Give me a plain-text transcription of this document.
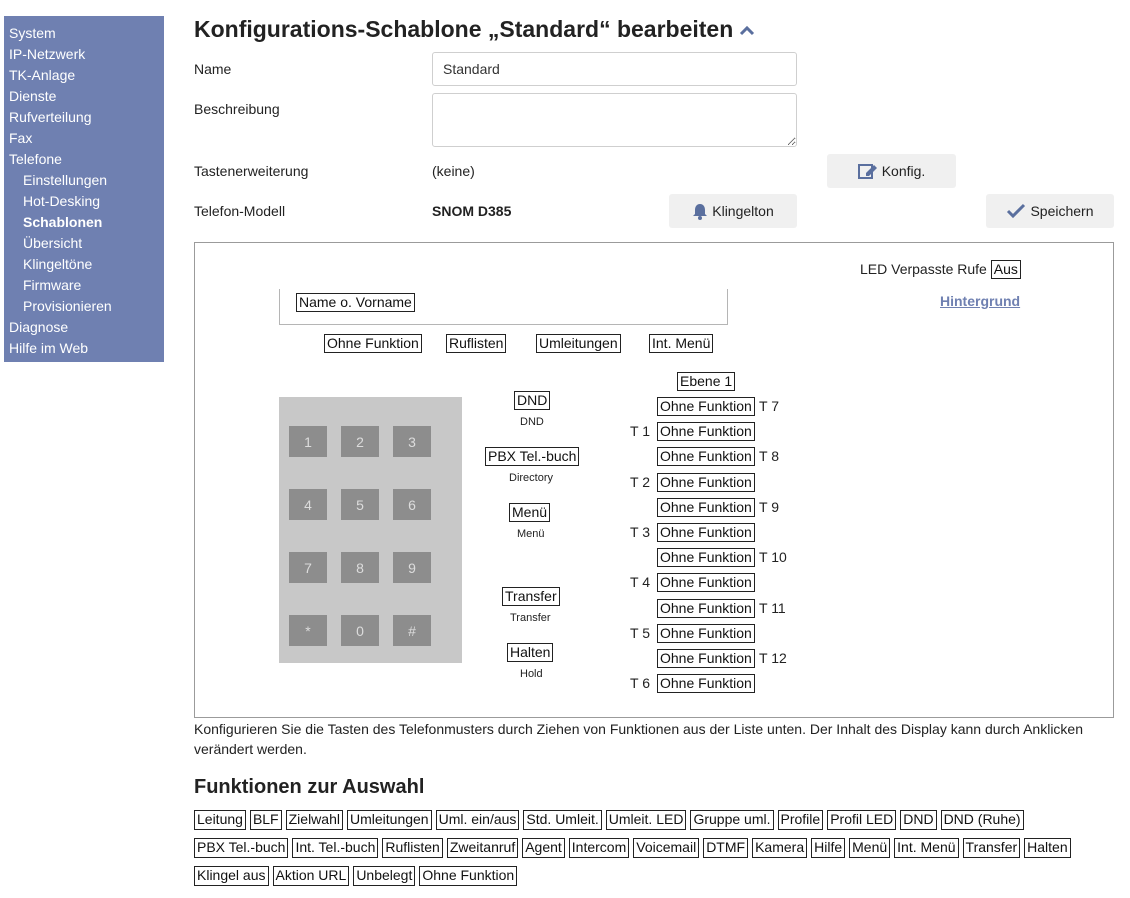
System
IP-Netzwerk
TK-Anlage
Dienste
Rufverteilung
Fax
Telefone
Einstellungen
Hot-Desking
Schablonen
Übersicht
Klingeltöne
Firmware
Provisionieren
Diagnose
Hilfe im Web
Konfigurations-Schablone „Standard“ bearbeiten
Name
Standard
Beschreibung
Tastenerweiterung	(keine)	Konfig.
Telefon-Modell	SNOM D385	Klingelton	Speichern
LED Verpasste Rufe Aus
Hintergrund
Name o. Vorname
Ohne Funktion Ruflisten	Umleitungen Int. Menü
1	2	3
4	5	6
7	8	9
*	0	#
DND
DND
PBX Tel.-buch
Directory
Menü
Menü
Transfer
Transfer
Halten
Hold
Ebene 1
Ohne Funktion T 7
T 1 Ohne Funktion
Ohne Funktion T 8
T 2 Ohne Funktion
Ohne Funktion T 9
T 3 Ohne Funktion
Ohne Funktion T 10
T 4 Ohne Funktion
Ohne Funktion T 11
T 5 Ohne Funktion
Ohne Funktion T 12
T 6 Ohne Funktion

Konfigurieren Sie die Tasten des Telefonmusters durch Ziehen von Funktionen aus der Liste unten. Der Inhalt des Display kann durch Anklicken verändert werden.

Funktionen zur Auswahl
Leitung BLF Zielwahl Umleitungen Uml. ein/aus Std. Umleit. Umleit. LED Gruppe uml. Profile Profil LED DND DND (Ruhe)
PBX Tel.-buch Int. Tel.-buch Ruflisten Zweitanruf Agent Intercom Voicemail DTMF Kamera Hilfe Menü Int. Menü Transfer Halten
Klingel aus Aktion URL Unbelegt Ohne Funktion
